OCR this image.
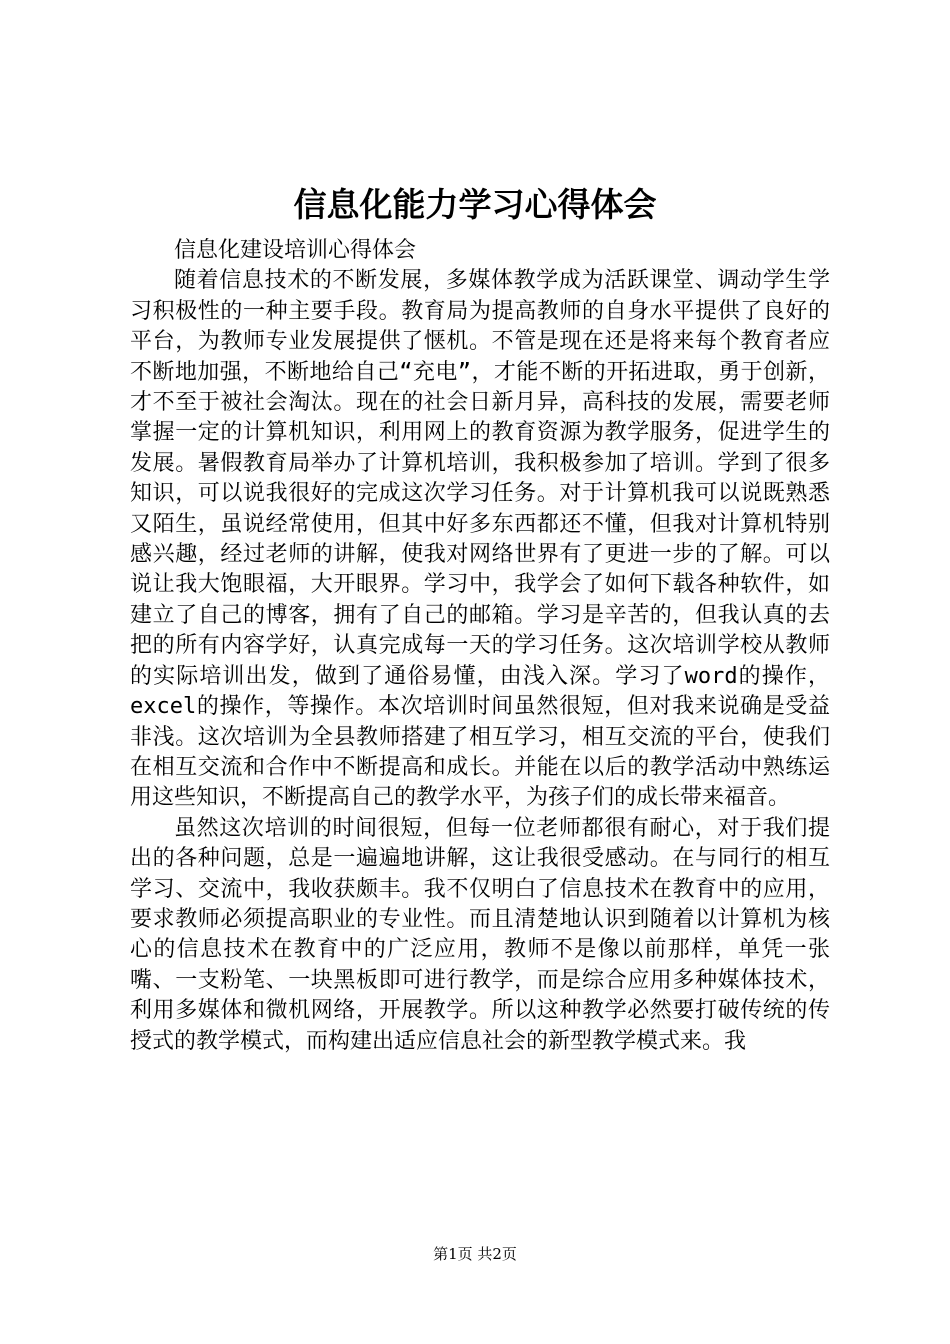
信息化能力学习心得体会

信息化建设培训心得体会

随着信息技术的不断发展，多媒体教学成为活跃课堂、调动学生学习积极性的一种主要手段。教育局为提高教师的自身水平提供了良好的平台，为教师专业发展提供了惬机。不管是现在还是将来每个教育者应不断地加强，不断地给自己“充电”，才能不断的开拓进取，勇于创新，才不至于被社会淘汰。现在的社会日新月异，高科技的发展，需要老师掌握一定的计算机知识，利用网上的教育资源为教学服务，促进学生的发展。暑假教育局举办了计算机培训，我积极参加了培训。学到了很多知识，可以说我很好的完成这次学习任务。对于计算机我可以说既熟悉又陌生，虽说经常使用，但其中好多东西都还不懂，但我对计算机特别感兴趣，经过老师的讲解，使我对网络世界有了更进一步的了解。可以说让我大饱眼福，大开眼界。学习中，我学会了如何下载各种软件，如建立了自己的博客，拥有了自己的邮箱。学习是辛苦的，但我认真的去把的所有内容学好，认真完成每一天的学习任务。这次培训学校从教师的实际培训出发，做到了通俗易懂，由浅入深。学习了word的操作，excel的操作，等操作。本次培训时间虽然很短，但对我来说确是受益非浅。这次培训为全县教师搭建了相互学习，相互交流的平台，使我们在相互交流和合作中不断提高和成长。并能在以后的教学活动中熟练运用这些知识，不断提高自己的教学水平，为孩子们的成长带来福音。

虽然这次培训的时间很短，但每一位老师都很有耐心，对于我们提出的各种问题，总是一遍遍地讲解，这让我很受感动。在与同行的相互学习、交流中，我收获颇丰。我不仅明白了信息技术在教育中的应用，要求教师必须提高职业的专业性。而且清楚地认识到随着以计算机为核心的信息技术在教育中的广泛应用，教师不是像以前那样，单凭一张嘴、一支粉笔、一块黑板即可进行教学，而是综合应用多种媒体技术，利用多媒体和微机网络，开展教学。所以这种教学必然要打破传统的传授式的教学模式，而构建出适应信息社会的新型教学模式来。我

第1页 共2页
